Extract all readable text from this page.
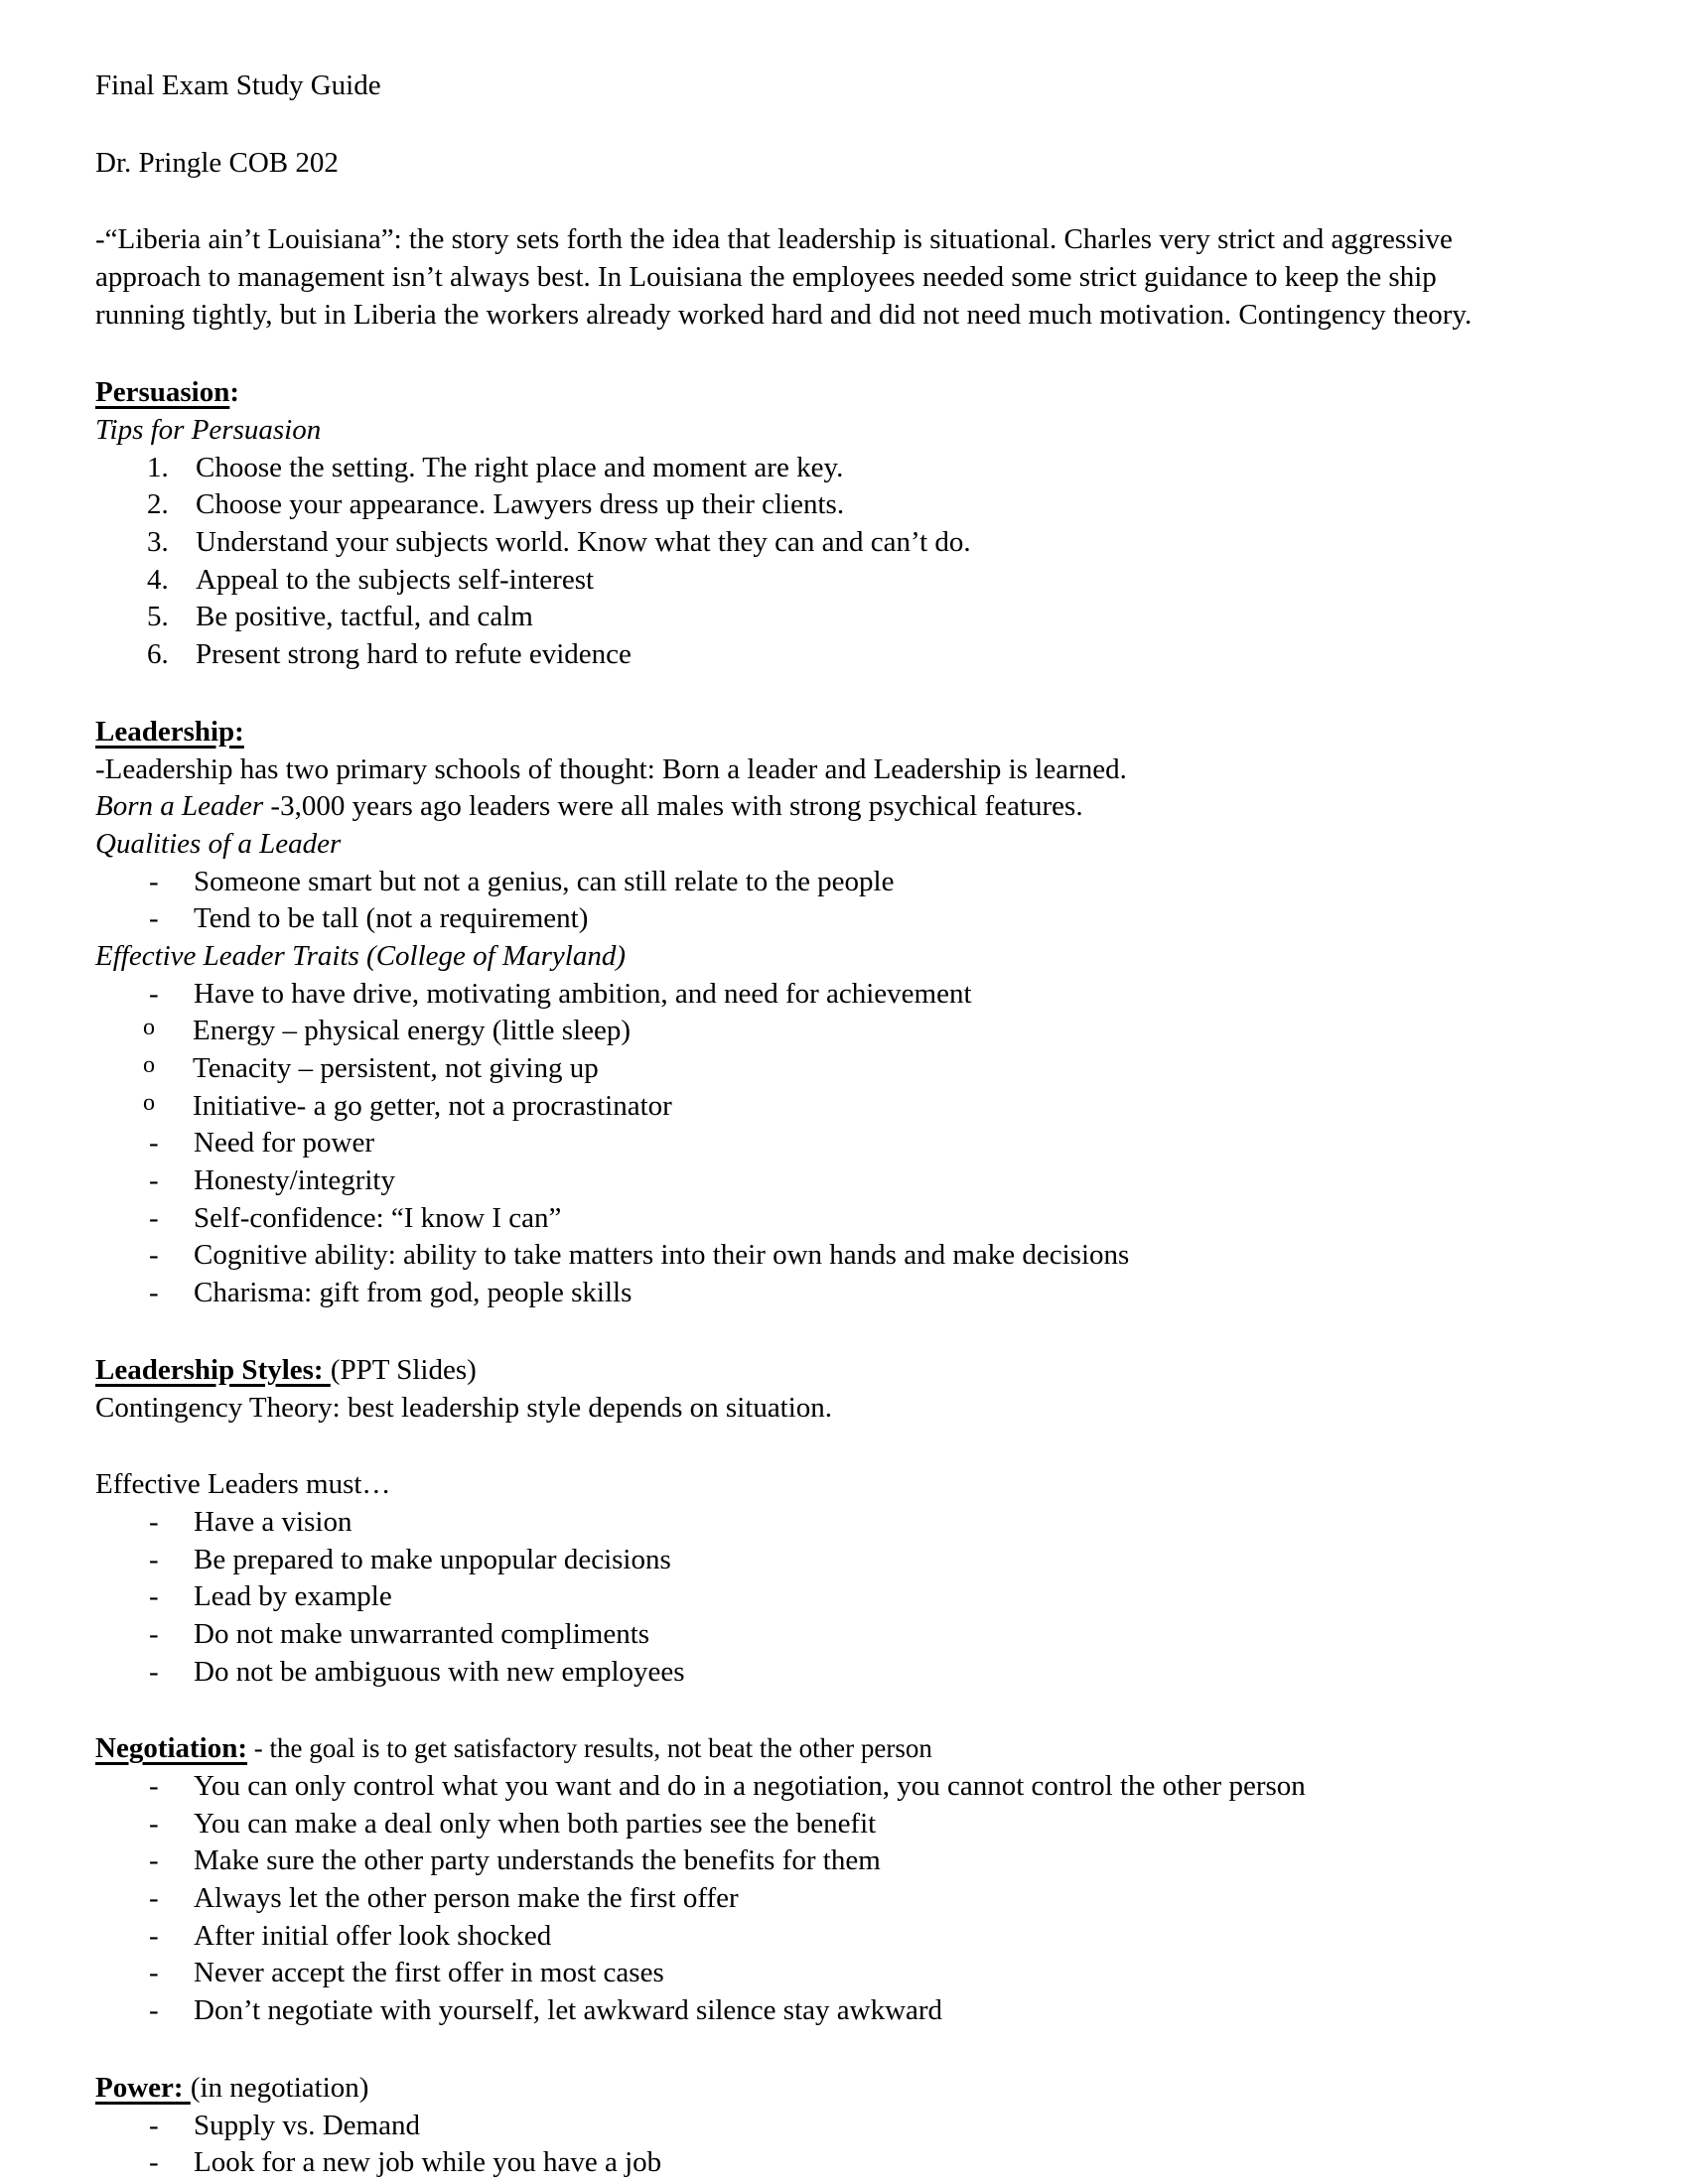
Final Exam Study Guide

Dr. Pringle COB 202

-“Liberia ain’t Louisiana”: the story sets forth the idea that leadership is situational. Charles very strict and aggressive approach to management isn’t always best. In Louisiana the employees needed some strict guidance to keep the ship running tightly, but in Liberia the workers already worked hard and did not need much motivation. Contingency theory.

Persuasion:

Tips for Persuasion

1. Choose the setting. The right place and moment are key.
2. Choose your appearance. Lawyers dress up their clients.
3. Understand your subjects world. Know what they can and can’t do.
4. Appeal to the subjects self-interest
5. Be positive, tactful, and calm
6. Present strong hard to refute evidence

Leadership:

-Leadership has two primary schools of thought: Born a leader and Leadership is learned.

Born a Leader -3,000 years ago leaders were all males with strong psychical features.

Qualities of a Leader

- Someone smart but not a genius, can still relate to the people
- Tend to be tall (not a requirement)

Effective Leader Traits (College of Maryland)

- Have to have drive, motivating ambition, and need for achievement
o Energy – physical energy (little sleep)
o Tenacity – persistent, not giving up
o Initiative- a go getter, not a procrastinator
- Need for power
- Honesty/integrity
- Self-confidence: “I know I can”
- Cognitive ability: ability to take matters into their own hands and make decisions
- Charisma: gift from god, people skills

Leadership Styles: (PPT Slides)

Contingency Theory: best leadership style depends on situation.

Effective Leaders must…

- Have a vision
- Be prepared to make unpopular decisions
- Lead by example
- Do not make unwarranted compliments
- Do not be ambiguous with new employees

Negotiation: - the goal is to get satisfactory results, not beat the other person

- You can only control what you want and do in a negotiation, you cannot control the other person
- You can make a deal only when both parties see the benefit
- Make sure the other party understands the benefits for them
- Always let the other person make the first offer
- After initial offer look shocked
- Never accept the first offer in most cases
- Don’t negotiate with yourself, let awkward silence stay awkward

Power: (in negotiation)

- Supply vs. Demand
- Look for a new job while you have a job
